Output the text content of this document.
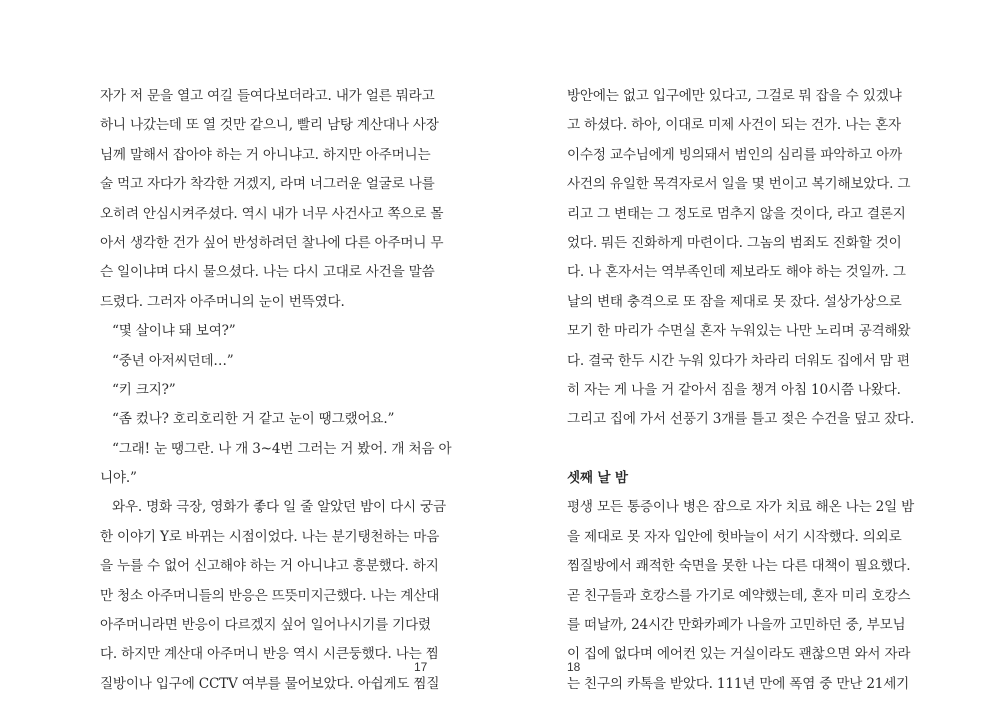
자가 저 문을 열고 여길 들여다보더라고. 내가 얼른 뭐라고
하니 나갔는데 또 열 것만 같으니, 빨리 남탕 계산대나 사장
님께 말해서 잡아야 하는 거 아니냐고. 하지만 아주머니는
술 먹고 자다가 착각한 거겠지, 라며 너그러운 얼굴로 나를
오히려 안심시켜주셨다. 역시 내가 너무 사건사고 쪽으로 몰
아서 생각한 건가 싶어 반성하려던 찰나에 다른 아주머니 무
슨 일이냐며 다시 물으셨다. 나는 다시 고대로 사건을 말씀
드렸다. 그러자 아주머니의 눈이 번뜩였다.
“몇 살이냐 돼 보여?”
“중년 아저씨던데…”
“키 크지?”
“좀 컸나? 호리호리한 거 같고 눈이 땡그랬어요.”
“그래! 눈 땡그란. 나 개 3~4번 그러는 거 봤어. 개 처음 아
니야.”
와우. 명화 극장, 영화가 좋다 일 줄 알았던 밤이 다시 궁금
한 이야기 Y로 바뀌는 시점이었다. 나는 분기탱천하는 마음
을 누를 수 없어 신고해야 하는 거 아니냐고 흥분했다. 하지
만 청소 아주머니들의 반응은 뜨뜻미지근했다. 나는 계산대
아주머니라면 반응이 다르겠지 싶어 일어나시기를 기다렸
다. 하지만 계산대 아주머니 반응 역시 시큰둥했다. 나는 찜
질방이나 입구에 CCTV 여부를 물어보았다. 아쉽게도 찜질
17
방안에는 없고 입구에만 있다고, 그걸로 뭐 잡을 수 있겠냐
고 하셨다. 하아, 이대로 미제 사건이 되는 건가. 나는 혼자
이수정 교수님에게 빙의돼서 범인의 심리를 파악하고 아까
사건의 유일한 목격자로서 일을 몇 번이고 복기해보았다. 그
리고 그 변태는 그 정도로 멈추지 않을 것이다, 라고 결론지
었다. 뭐든 진화하게 마련이다. 그놈의 범죄도 진화할 것이
다. 나 혼자서는 역부족인데 제보라도 해야 하는 것일까. 그
날의 변태 충격으로 또 잠을 제대로 못 잤다. 설상가상으로
모기 한 마리가 수면실 혼자 누워있는 나만 노리며 공격해왔
다. 결국 한두 시간 누워 있다가 차라리 더워도 집에서 맘 편
히 자는 게 나을 거 같아서 짐을 챙겨 아침 10시쯤 나왔다.
그리고 집에 가서 선풍기 3개를 틀고 젖은 수건을 덮고 잤다.
셋째 날 밤
평생 모든 통증이나 병은 잠으로 자가 치료 해온 나는 2일 밤
을 제대로 못 자자 입안에 헛바늘이 서기 시작했다. 의외로
찜질방에서 쾌적한 숙면을 못한 나는 다른 대책이 필요했다.
곧 친구들과 호캉스를 가기로 예약했는데, 혼자 미리 호캉스
를 떠날까, 24시간 만화카페가 나을까 고민하던 중, 부모님
이 집에 없다며 에어컨 있는 거실이라도 괜찮으면 와서 자라
는 친구의 카톡을 받았다. 111년 만에 폭염 중 만난 21세기
18
